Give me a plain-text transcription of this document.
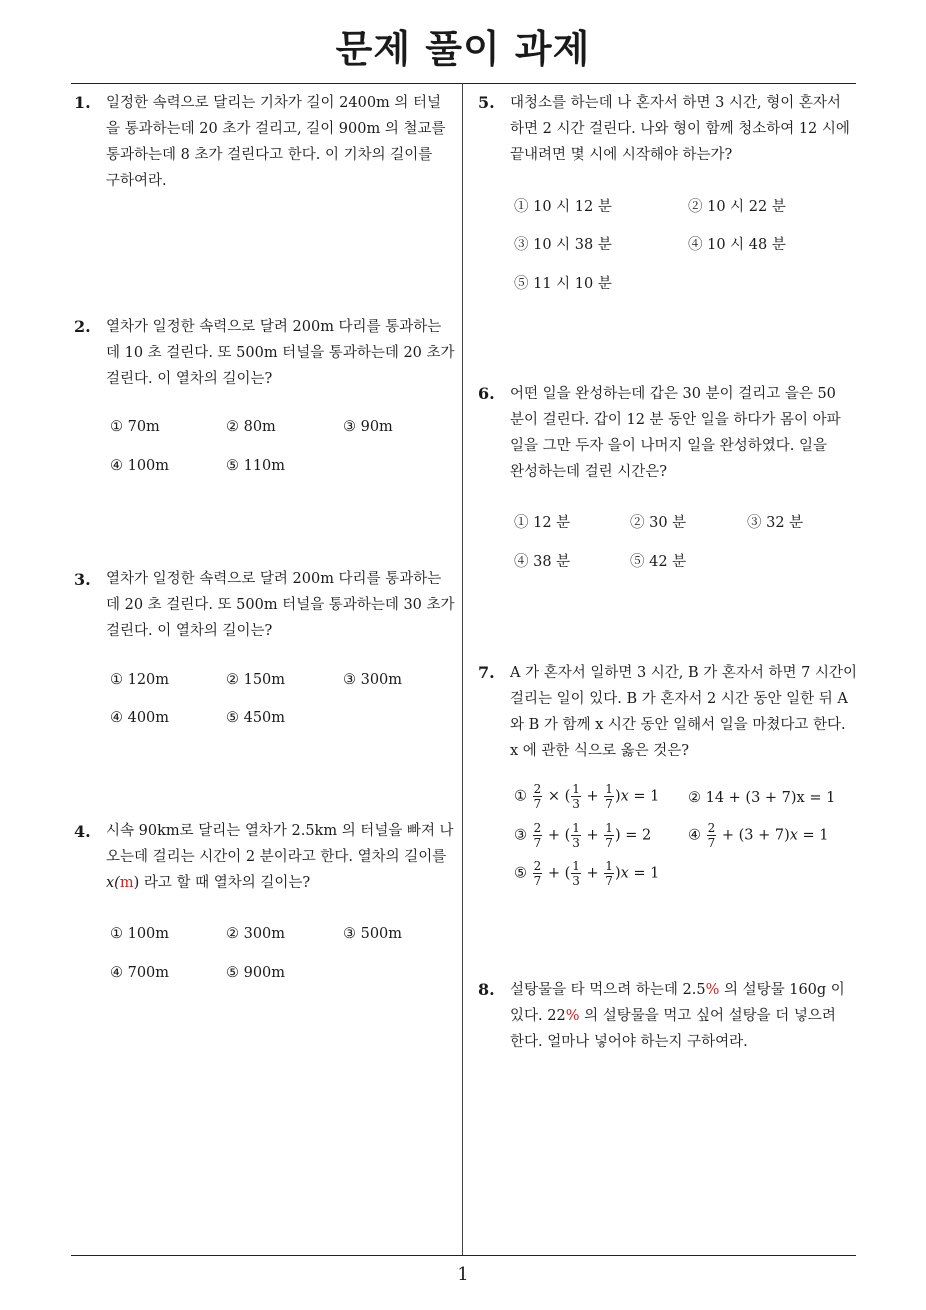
문제 풀이 과제
1. 일정한 속력으로 달리는 기차가 길이 2400m 의 터널
을 통과하는데 20 초가 걸리고, 길이 900m 의 철교를
통과하는데 8 초가 걸린다고 한다. 이 기차의 길이를
구하여라.
2. 열차가 일정한 속력으로 달려 200m 다리를 통과하는
데 10 초 걸린다. 또 500m 터널을 통과하는데 20 초가
걸린다. 이 열차의 길이는?
① 70m	② 80m	③ 90m
④ 100m	⑤ 110m
3. 열차가 일정한 속력으로 달려 200m 다리를 통과하는
데 20 초 걸린다. 또 500m 터널을 통과하는데 30 초가
걸린다. 이 열차의 길이는?
① 120m	② 150m	③ 300m
④ 400m	⑤ 450m
4. 시속 90km로 달리는 열차가 2.5km 의 터널을 빠져 나
오는데 걸리는 시간이 2 분이라고 한다. 열차의 길이를
x(m) 라고 할 때 열차의 길이는?
① 100m	② 300m	③ 500m
④ 700m	⑤ 900m
5. 대청소를 하는데 나 혼자서 하면 3 시간, 형이 혼자서
하면 2 시간 걸린다. 나와 형이 함께 청소하여 12 시에
끝내려면 몇 시에 시작해야 하는가?
① 10 시 12 분	② 10 시 22 분
③ 10 시 38 분	④ 10 시 48 분
⑤ 11 시 10 분
6. 어떤 일을 완성하는데 갑은 30 분이 걸리고 을은 50
분이 걸린다. 갑이 12 분 동안 일을 하다가 몸이 아파
일을 그만 두자 을이 나머지 일을 완성하였다. 일을
완성하는데 걸린 시간은?
① 12 분	② 30 분	③ 32 분
④ 38 분	⑤ 42 분
7. A 가 혼자서 일하면 3 시간, B 가 혼자서 하면 7 시간이
걸리는 일이 있다. B 가 혼자서 2 시간 동안 일한 뒤 A
와 B 가 함께 x 시간 동안 일해서 일을 마쳤다고 한다.
x 에 관한 식으로 옳은 것은?
① $\frac{2}{7}$ × ( $\frac{1}{3} + \frac{1}{7} )x = 1$ ② 14 + (3 + 7)x = 1
③ $\frac{2}{7}$ + ( $\frac{1}{3} + \frac{1}{7}$ ) = 2	④ $\frac{2}{7} + (3 + 7)x = 1$
⑤ $\frac{2}{7}$ + ( $\frac{1}{3} + \frac{1}{7} )x = 1$
8. 설탕물을 타 먹으려 하는데 2.5% 의 설탕물 160g 이
있다. 22% 의 설탕물을 먹고 싶어 설탕을 더 넣으려
한다. 얼마나 넣어야 하는지 구하여라.
1
